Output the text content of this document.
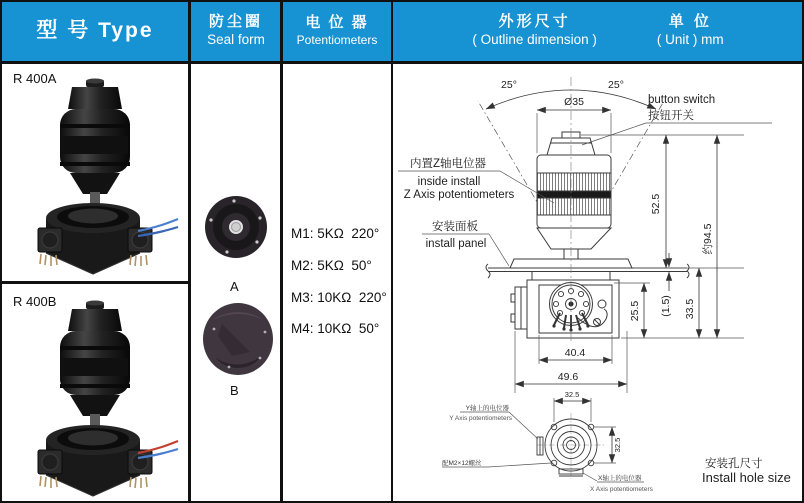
型 号 Type	防尘圈
Seal form
电 位 器
Potentiometers
外形尺寸
( Outline dimension )
单 位
( Unit ) mm
R 400A
R 400B
A
B
M1: 5KΩ  220°
M2: 5KΩ  50°
M3: 10KΩ  220°
M4: 10KΩ  50°
25°	25°
Ø35
52.5
约94.5
25.5 (1.5) 33.5
40.4
49.6
内置Z轴电位器
inside install
Z Axis potentiometers
安装面板
install panel
button switch
按钮开关
32.5
32.5
Y轴上的电位器
Y Axis potentiometers
配M2×12螺丝
X轴上的电位器
X Axis potentiometers
安装孔尺寸
Install hole size
